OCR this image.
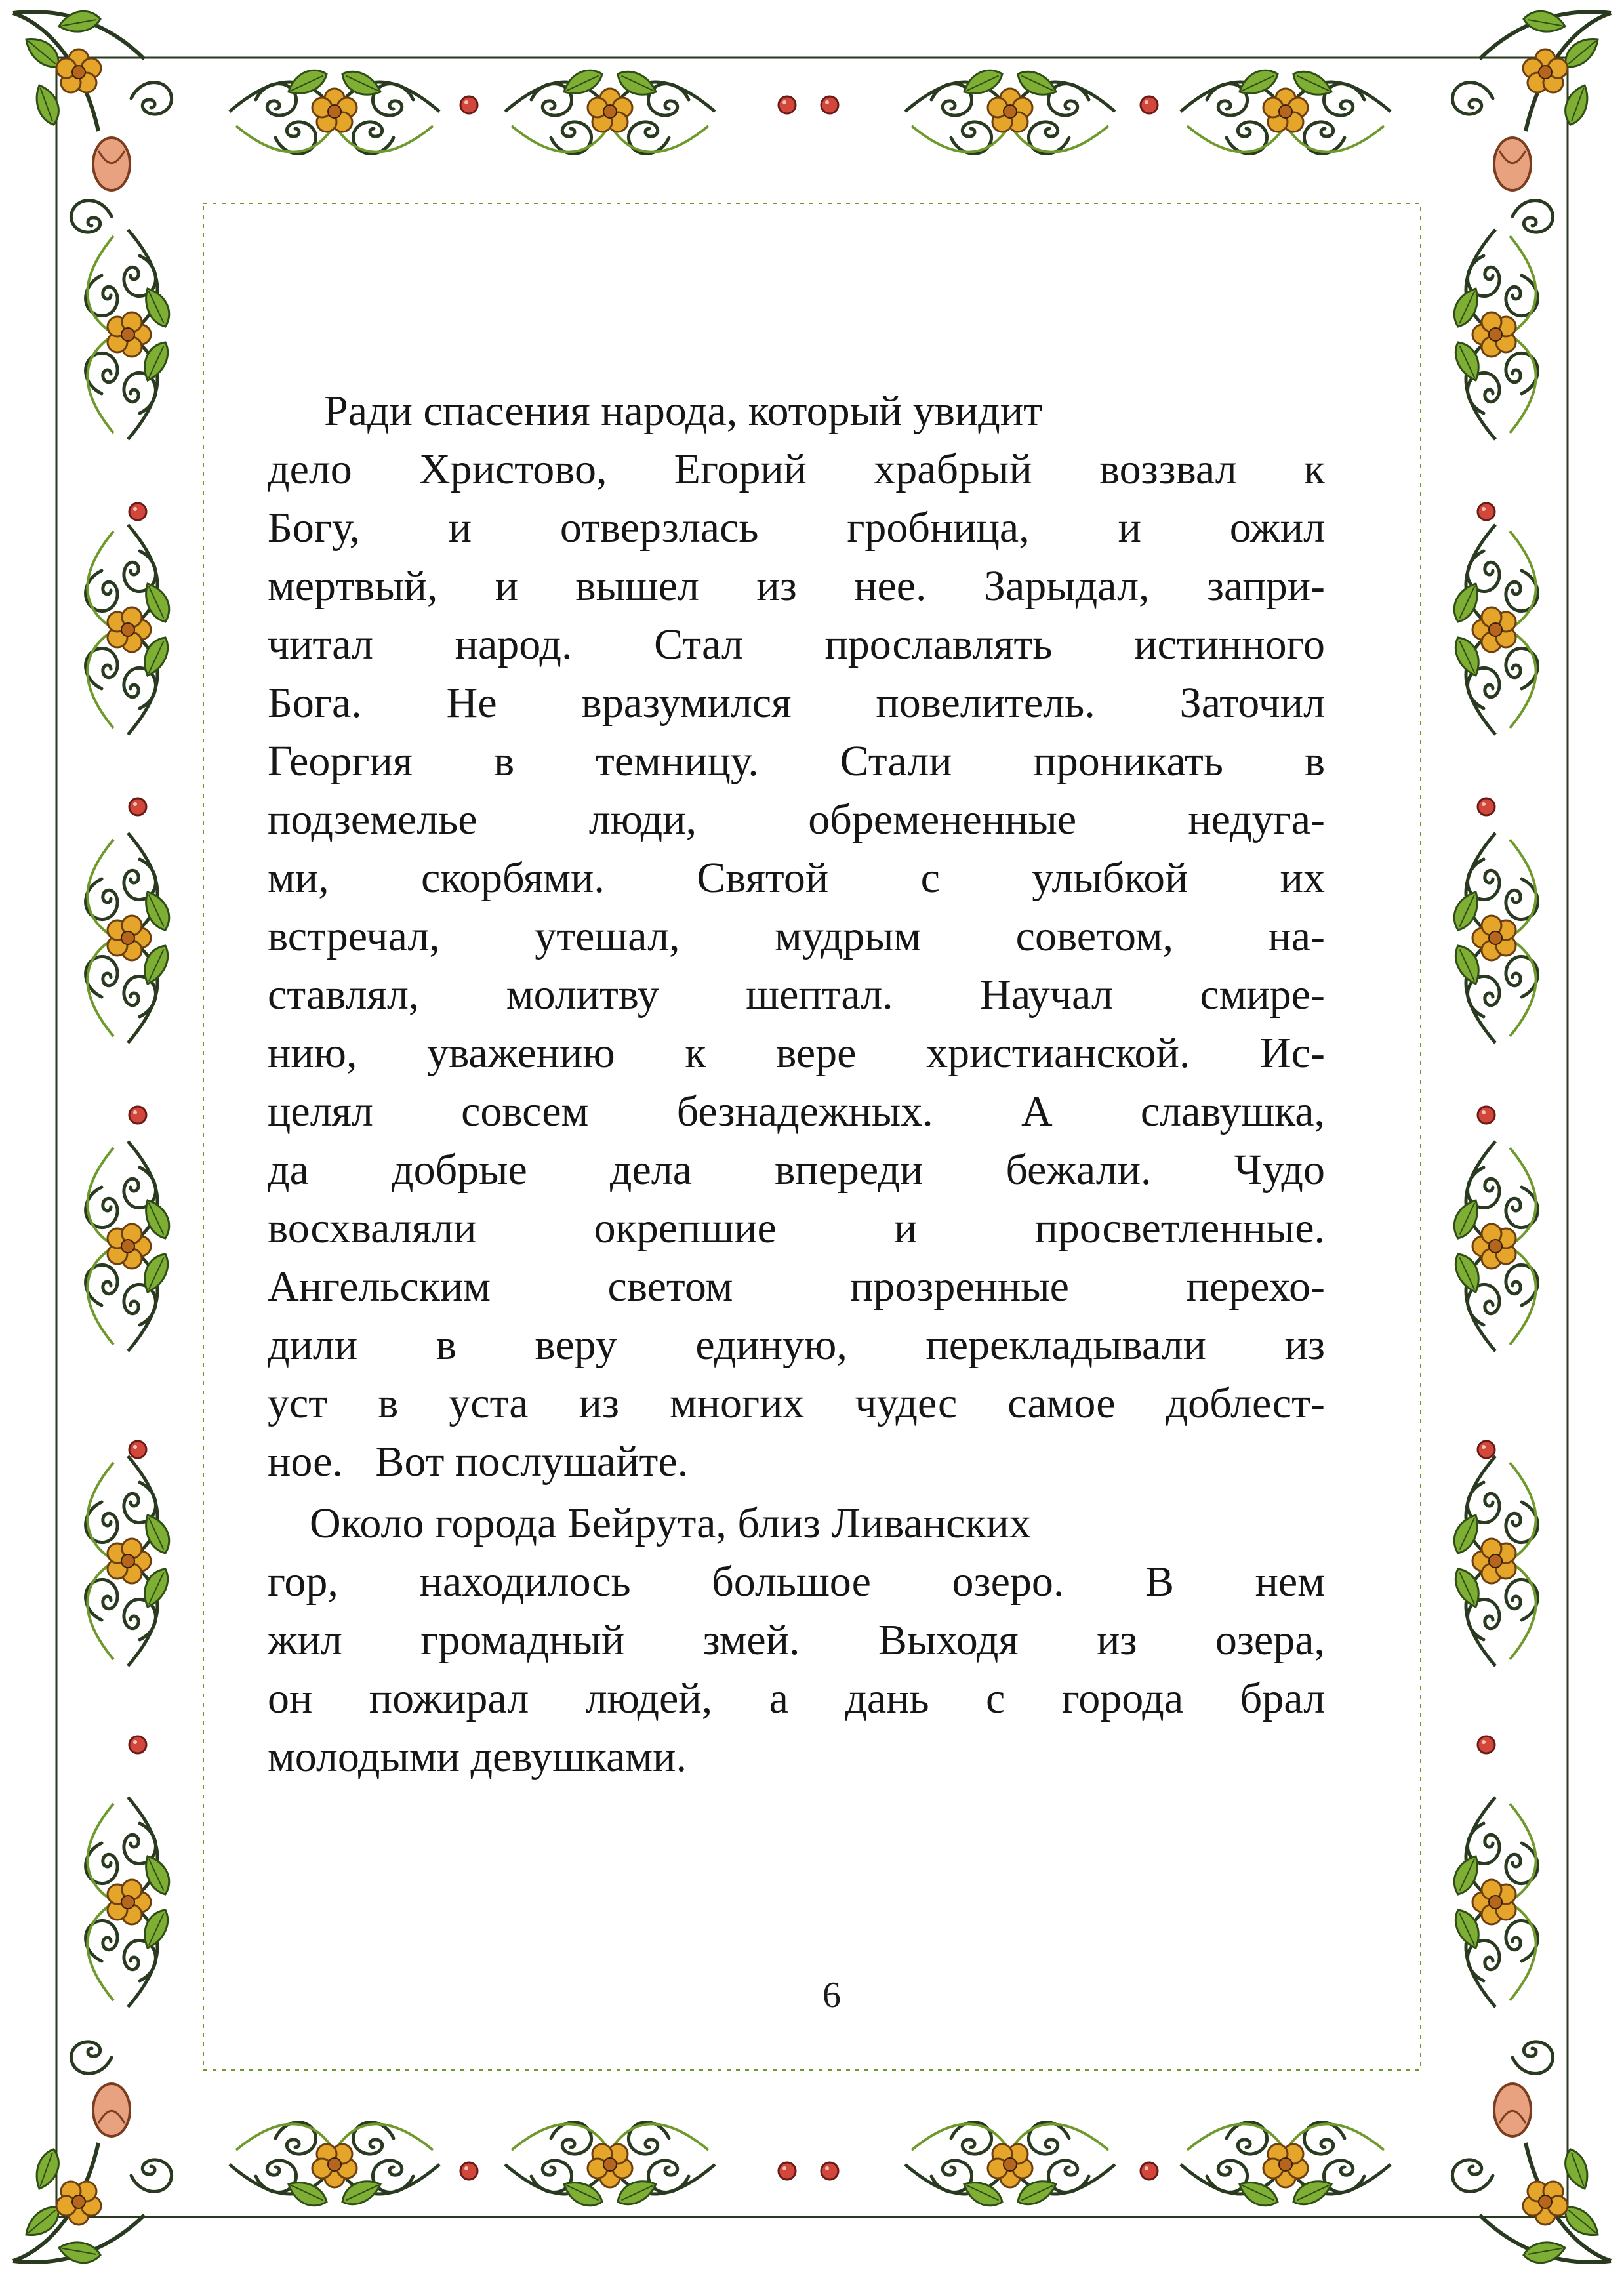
Ради спасения народа, который увидит
дело Христово, Егорий храбрый воззвал к
Богу, и отверзлась гробница, и ожил
мертвый, и вышел из нее. Зарыдал, запри-
читал народ. Стал прославлять истинного
Бога. Не вразумился повелитель. Заточил
Георгия в темницу. Стали проникать в
подземелье люди, обремененные недуга-
ми, скорбями. Святой с улыбкой их
встречал, утешал, мудрым советом, на-
ставлял, молитву шептал. Научал смире-
нию, уважению к вере христианской. Ис-
целял совсем безнадежных. А славушка,
да добрые дела впереди бежали. Чудо
восхваляли окрепшие и просветленные.
Ангельским светом прозренные перехо-
дили в веру единую, перекладывали из
уст в уста из многих чудес самое доблест-
ное.   Вот послушайте.
Около города Бейрута, близ Ливанских
гор, находилось большое озеро. В нем
жил громадный змей. Выходя из озера,
он пожирал людей, а дань с города брал
молодыми девушками.
6
